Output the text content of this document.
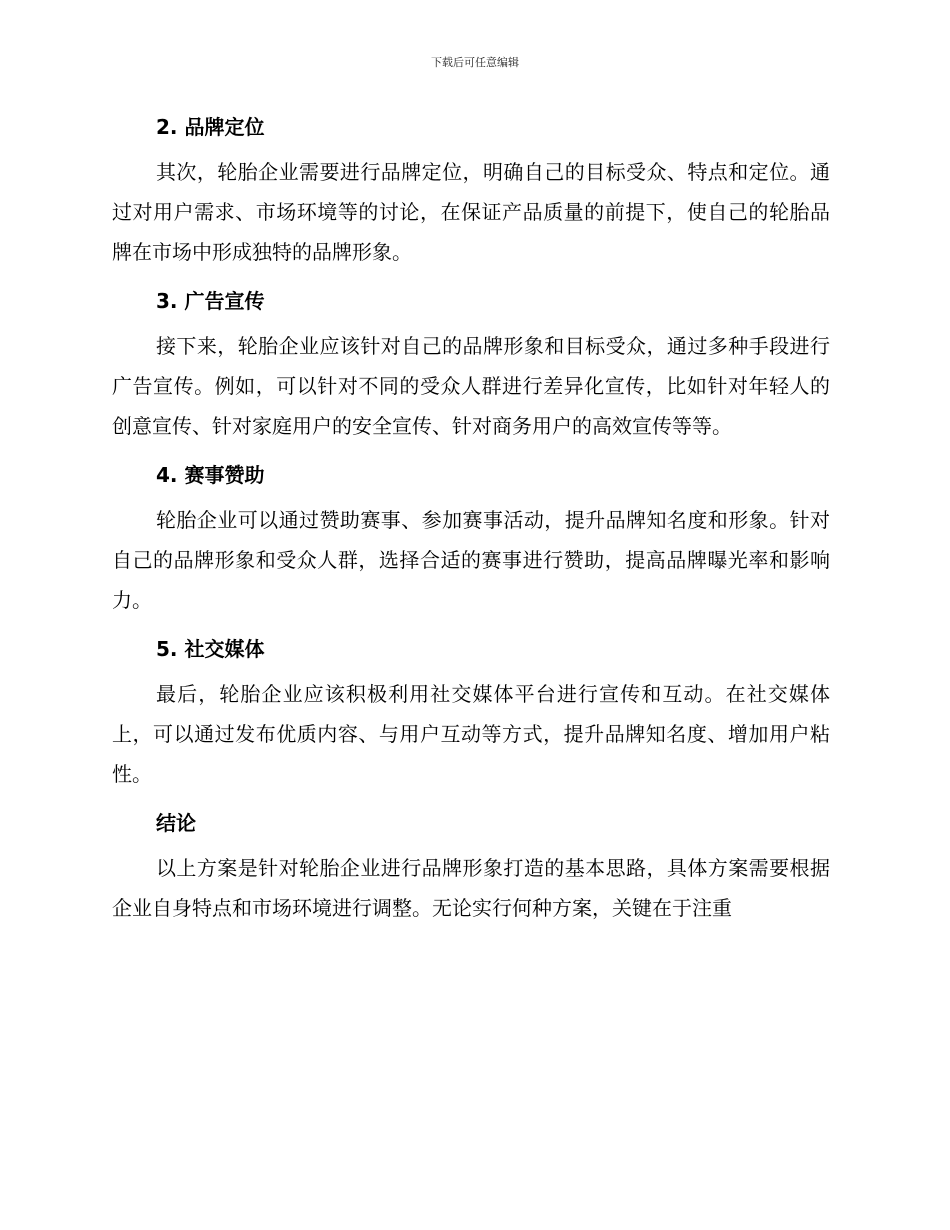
下载后可任意编辑
2. 品牌定位

其次，轮胎企业需要进行品牌定位，明确自己的目标受众、特点和定位。通过对用户需求、市场环境等的讨论，在保证产品质量的前提下，使自己的轮胎品牌在市场中形成独特的品牌形象。

3. 广告宣传

接下来，轮胎企业应该针对自己的品牌形象和目标受众，通过多种手段进行广告宣传。例如，可以针对不同的受众人群进行差异化宣传，比如针对年轻人的创意宣传、针对家庭用户的安全宣传、针对商务用户的高效宣传等等。

4. 赛事赞助

轮胎企业可以通过赞助赛事、参加赛事活动，提升品牌知名度和形象。针对自己的品牌形象和受众人群，选择合适的赛事进行赞助，提高品牌曝光率和影响力。

5. 社交媒体

最后，轮胎企业应该积极利用社交媒体平台进行宣传和互动。在社交媒体上，可以通过发布优质内容、与用户互动等方式，提升品牌知名度、增加用户粘性。

结论

以上方案是针对轮胎企业进行品牌形象打造的基本思路，具体方案需要根据企业自身特点和市场环境进行调整。无论实行何种方案，关键在于注重
